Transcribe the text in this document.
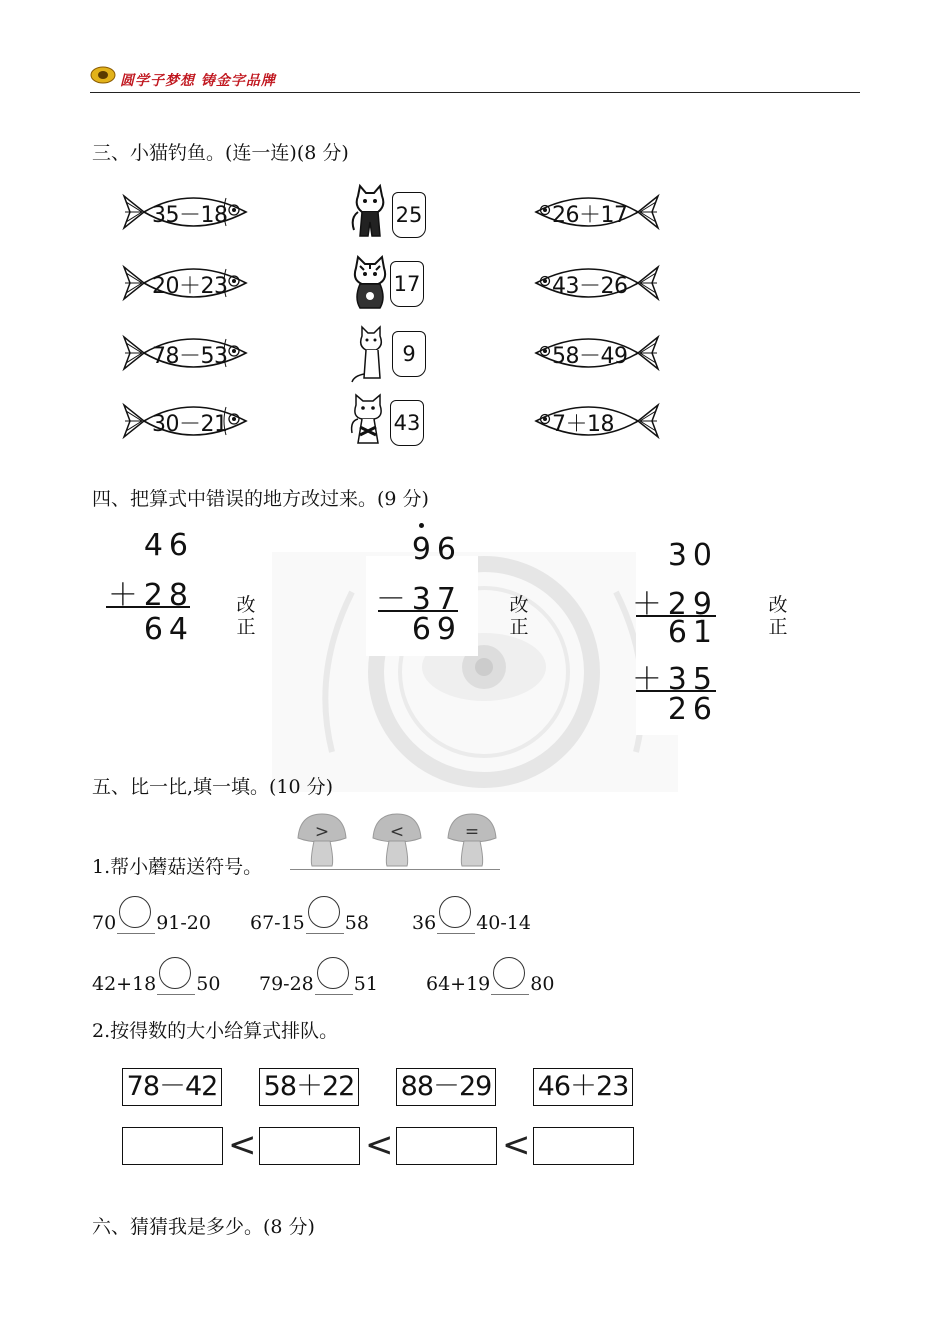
圆学子梦想 铸金字品牌
三、小猫钓鱼。(连一连)(8 分)
35－18
20＋23
78－53
30－21
25
17
9
43
26＋17
43－26
58－49
7＋18
四、把算式中错误的地方改过来。(9 分)
46
＋28
64
改
正
96
－37
69
改
正
30
＋29
61
＋35
26
改
正
五、比一比,填一填。(10 分)
1.帮小蘑菇送符号。
>	<	=
70 91-20 67-15 58 36 40-14
42+18 50 79-28 51	64+19 80
2.按得数的大小给算式排队。
78－42 58＋22 88－29 46＋23
<	<	<
六、猜猜我是多少。(8 分)
